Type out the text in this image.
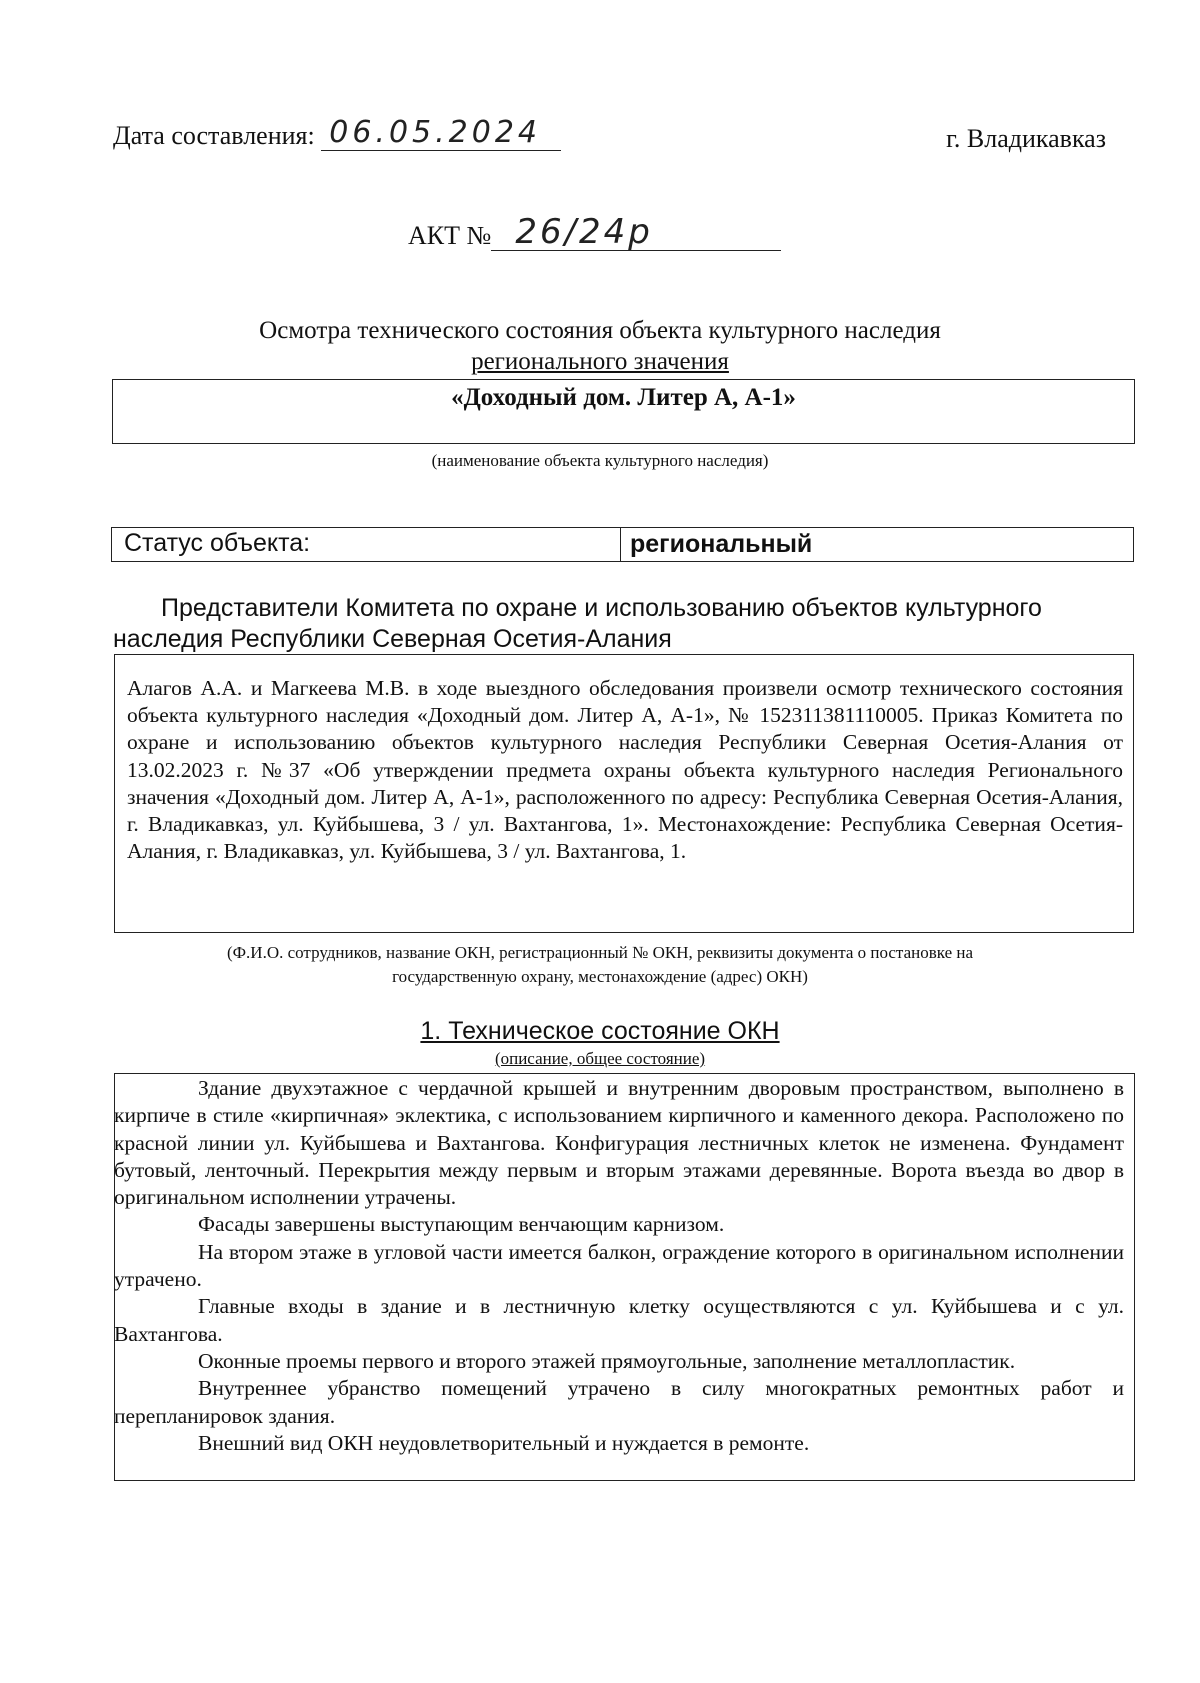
Дата составления: 06.05.2024	г. Владикавказ
АКТ № 26/24р
Осмотра технического состояния объекта культурного наследия
регионального значения
«Доходный дом. Литер А, А-1»
(наименование объекта культурного наследия)
Статус объекта:	региональный
Представители Комитета по охране и использованию объектов культурного
наследия Республики Северная Осетия-Алания
Алагов А.А. и Магкеева М.В. в ходе выездного обследования произвели осмотр технического состояния объекта культурного наследия «Доходный дом. Литер А, А-1», № 152311381110005. Приказ Комитета по охране и использованию объектов культурного наследия Республики Северная Осетия-Алания от 13.02.2023 г. №37 «Об утверждении предмета охраны объекта культурного наследия Регионального значения «Доходный дом. Литер А, А-1», расположенного по адресу: Республика Северная Осетия-Алания, г. Владикавказ, ул. Куйбышева, 3 / ул. Вахтангова, 1». Местонахождение: Республика Северная Осетия-Алания, г. Владикавказ, ул. Куйбышева, 3 / ул. Вахтангова, 1.
(Ф.И.О. сотрудников, название ОКН, регистрационный № ОКН, реквизиты документа о постановке на
государственную охрану, местонахождение (адрес) ОКН)
1. Техническое состояние ОКН
(описание, общее состояние)

Здание двухэтажное с чердачной крышей и внутренним дворовым пространством, выполнено в кирпиче в стиле «кирпичная» эклектика, с использованием кирпичного и каменного декора. Расположено по красной линии ул. Куйбышева и Вахтангова. Конфигурация лестничных клеток не изменена. Фундамент бутовый, ленточный. Перекрытия между первым и вторым этажами деревянные. Ворота въезда во двор в оригинальном исполнении утрачены.

Фасады завершены выступающим венчающим карнизом.

На втором этаже в угловой части имеется балкон, ограждение которого в оригинальном исполнении утрачено.

Главные входы в здание и в лестничную клетку осуществляются с ул. Куйбышева и с ул. Вахтангова.

Оконные проемы первого и второго этажей прямоугольные, заполнение металлопластик.

Внутреннее убранство помещений утрачено в силу многократных ремонтных работ и перепланировок здания.

Внешний вид ОКН неудовлетворительный и нуждается в ремонте.
